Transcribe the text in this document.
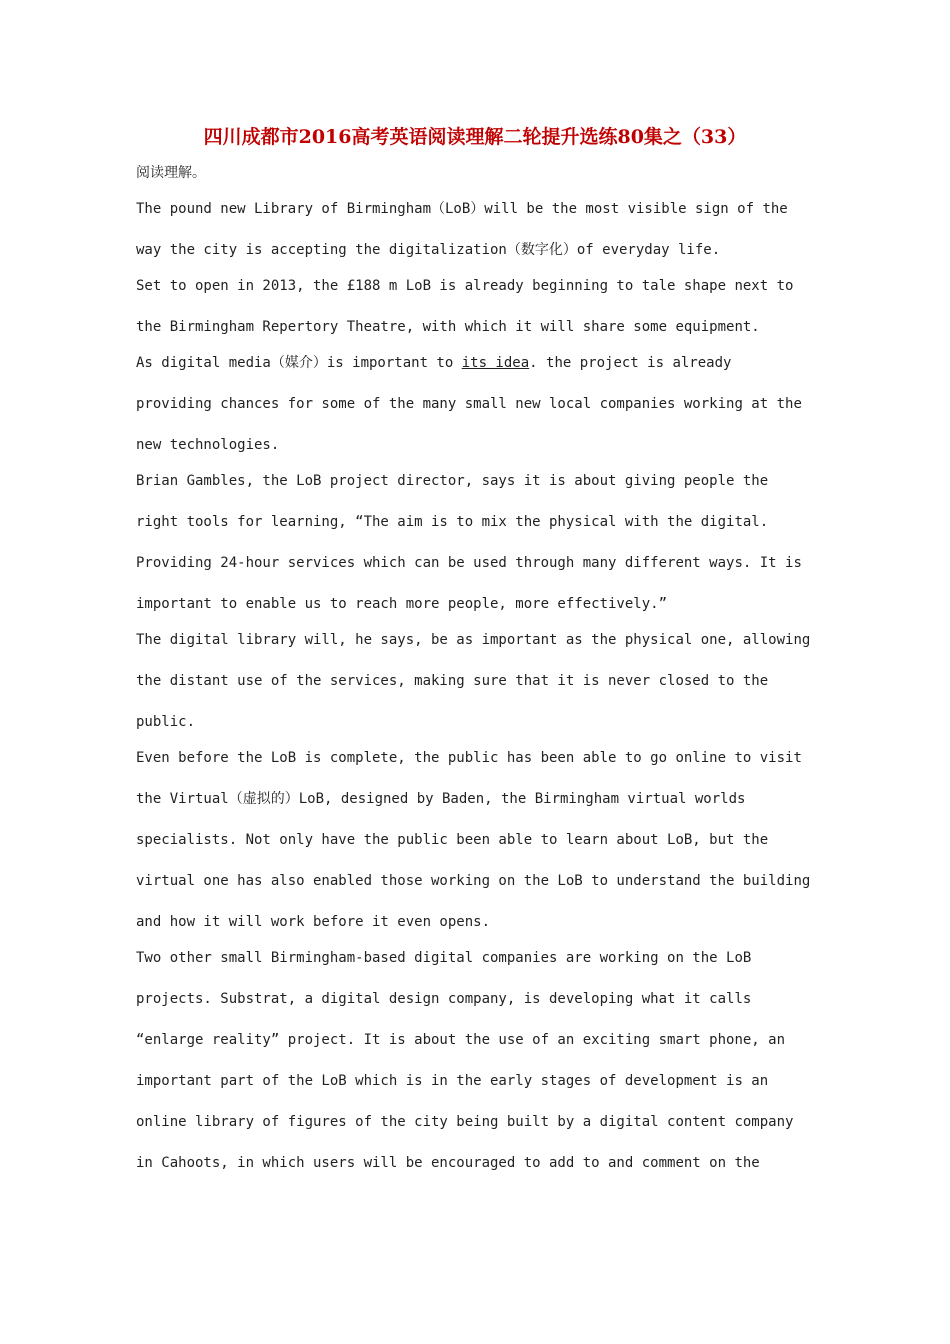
四川成都市2016高考英语阅读理解二轮提升选练80集之（33）
阅读理解。
The pound new Library of Birmingham（LoB）will be the most visible sign of the
way the city is accepting the digitalization（数字化）of everyday life.
Set to open in 2013, the £188 m LoB is already beginning to tale shape next to
the Birmingham Repertory Theatre, with which it will share some equipment.
As digital media（媒介）is important to its idea. the project is already
providing chances for some of the many small new local companies working at the
new technologies.
Brian Gambles, the LoB project director, says it is about giving people the
right tools for learning, “The aim is to mix the physical with the digital.
Providing 24-hour services which can be used through many different ways. It is
important to enable us to reach more people, more effectively.”
The digital library will, he says, be as important as the physical one, allowing
the distant use of the services, making sure that it is never closed to the
public.
Even before the LoB is complete, the public has been able to go online to visit
the Virtual（虚拟的）LoB, designed by Baden, the Birmingham virtual worlds
specialists. Not only have the public been able to learn about LoB, but the
virtual one has also enabled those working on the LoB to understand the building
and how it will work before it even opens.
Two other small Birmingham-based digital companies are working on the LoB
projects. Substrat, a digital design company, is developing what it calls
“enlarge reality” project. It is about the use of an exciting smart phone, an
important part of the LoB which is in the early stages of development is an
online library of figures of the city being built by a digital content company
in Cahoots, in which users will be encouraged to add to and comment on the
